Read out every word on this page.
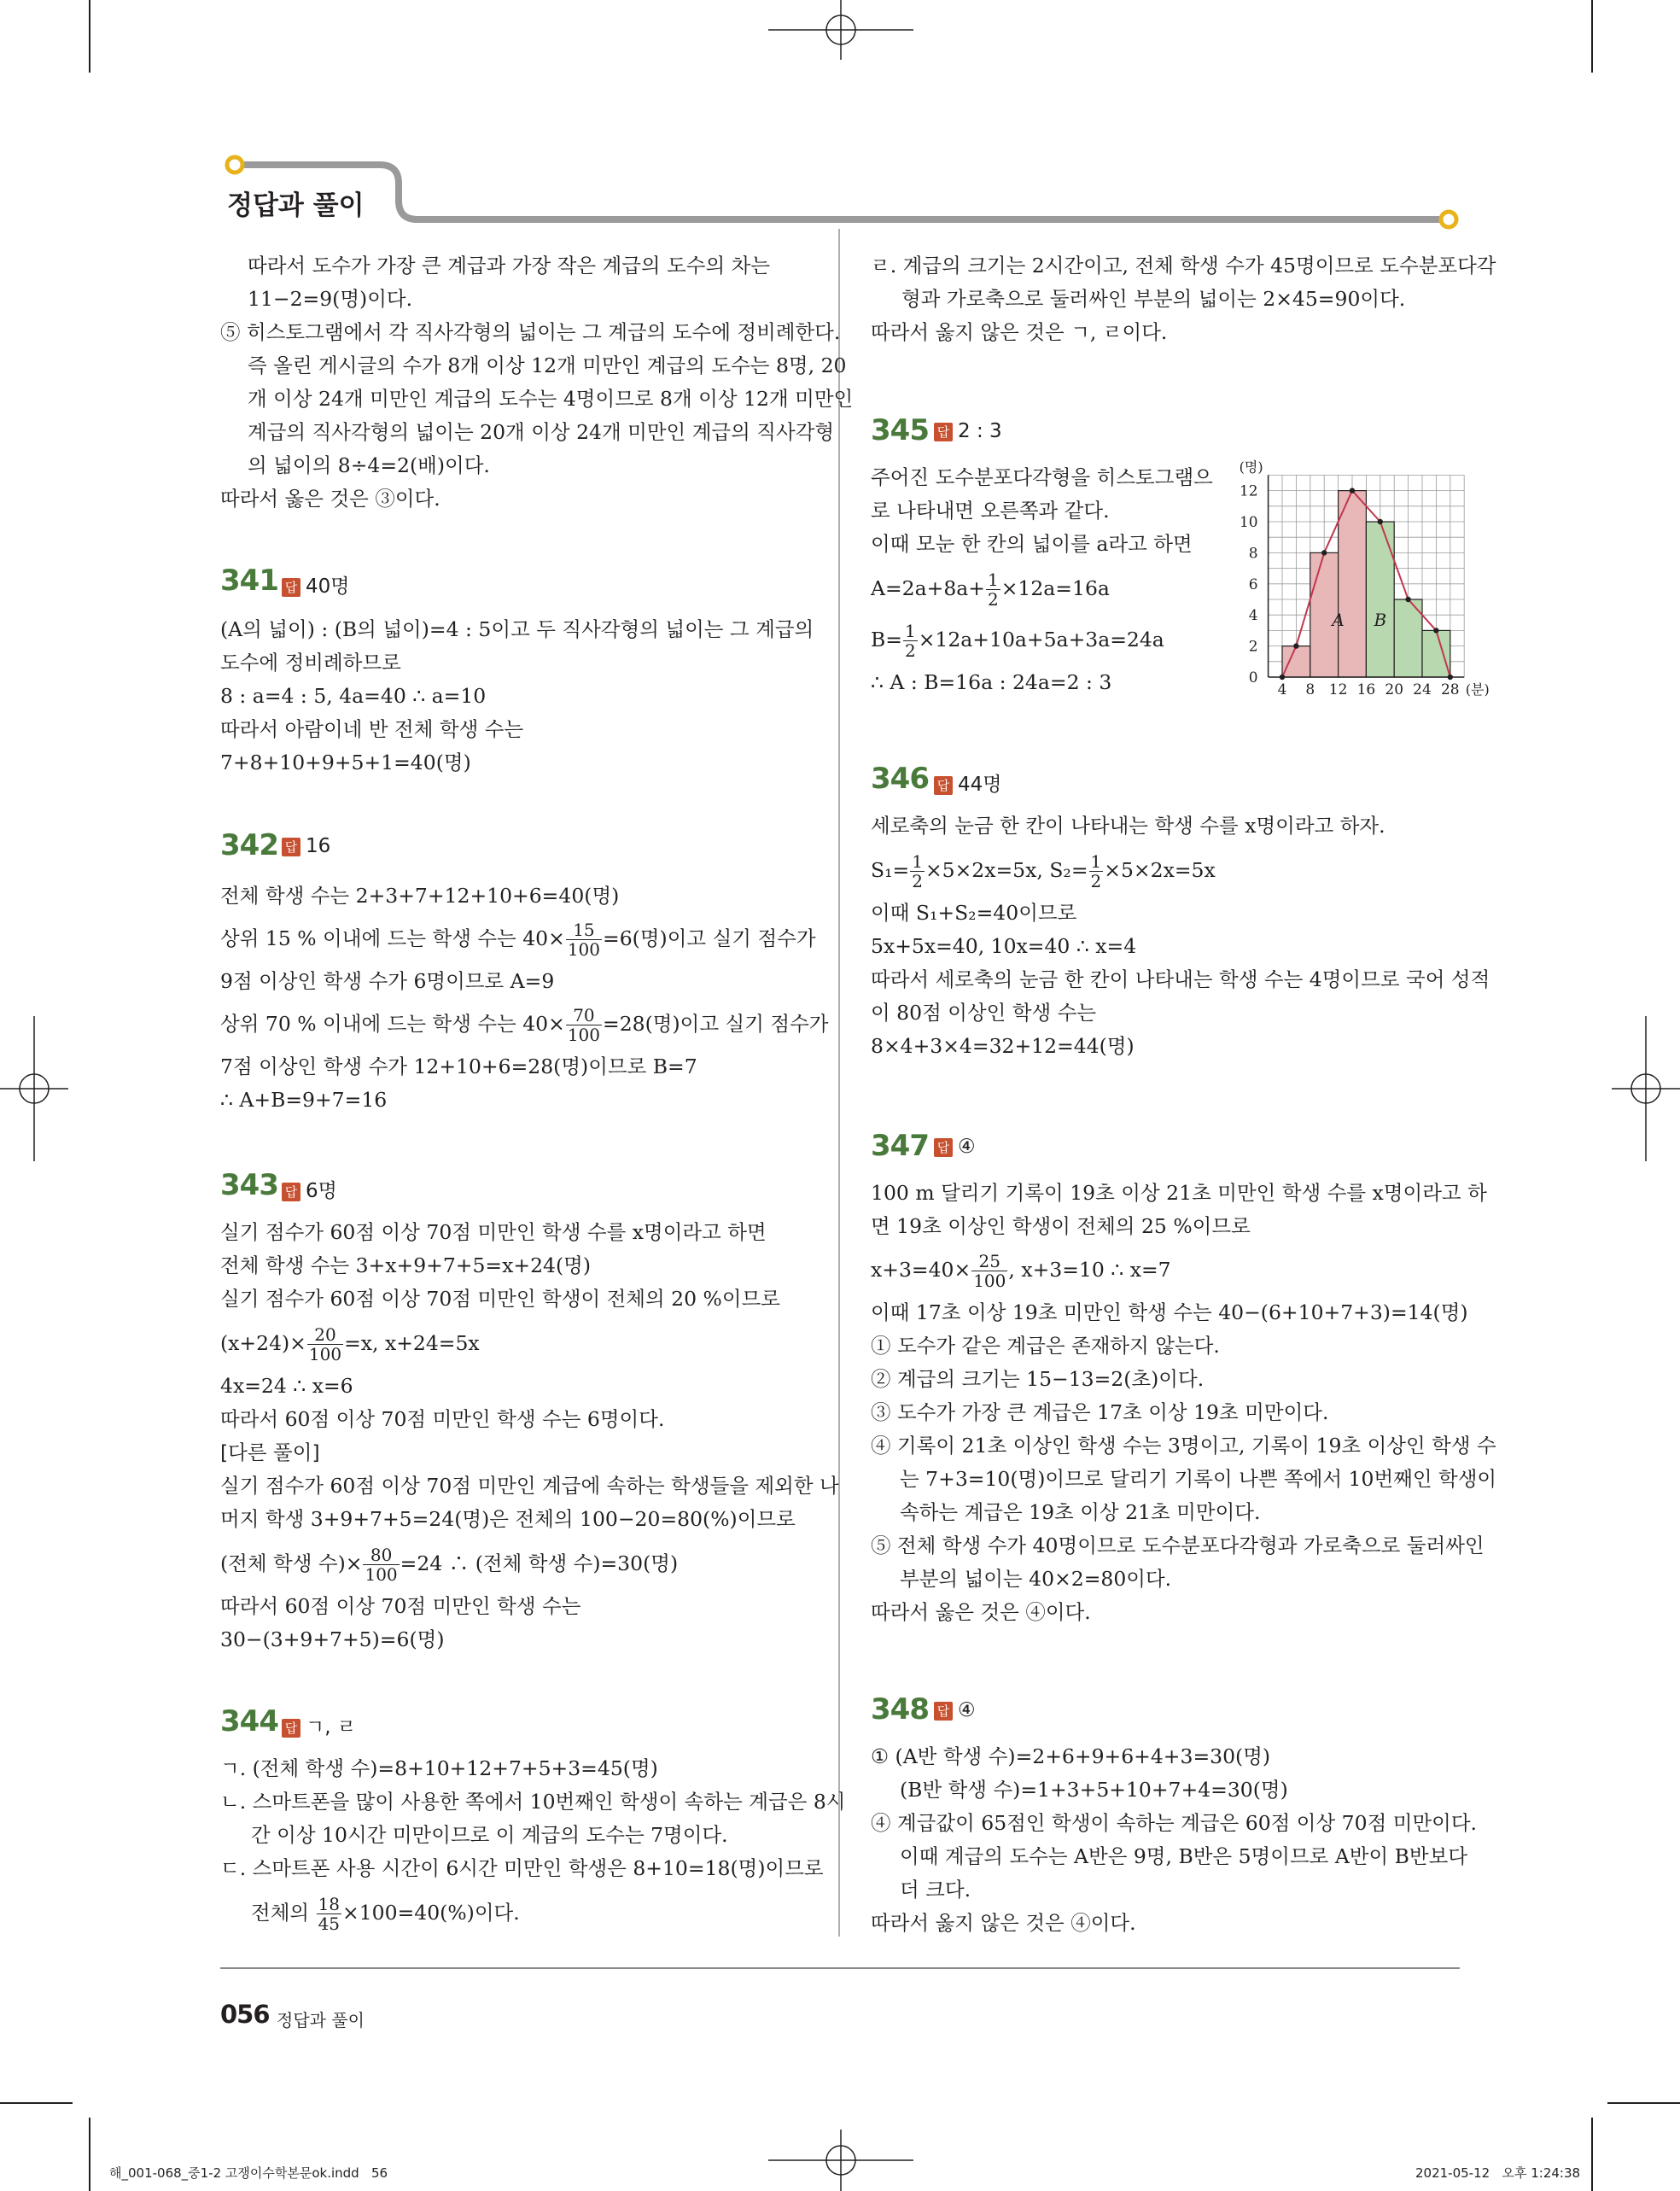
정답과 풀이
따라서 도수가 가장 큰 계급과 가장 작은 계급의 도수의 차는
11−2=9(명)이다.
⑤ 히스토그램에서 각 직사각형의 넓이는 그 계급의 도수에 정비례한다.
즉 올린 게시글의 수가 8개 이상 12개 미만인 계급의 도수는 8명, 20
개 이상 24개 미만인 계급의 도수는 4명이므로 8개 이상 12개 미만인
계급의 직사각형의 넓이는 20개 이상 24개 미만인 계급의 직사각형
의 넓이의 8÷4=2(배)이다.
따라서 옳은 것은 ③이다.
341 답 40명
(A의 넓이) : (B의 넓이)=4 : 5이고 두 직사각형의 넓이는 그 계급의
도수에 정비례하므로
8 : a=4 : 5, 4a=40 ∴ a=10
따라서 아람이네 반 전체 학생 수는
7+8+10+9+5+1=40(명)
342 답 16
전체 학생 수는 2+3+7+12+10+6=40(명)
상위 15 % 이내에 드는 학생 수는 $40\times \frac{15}{100} =6$(명)이고 실기 점수가
9점 이상인 학생 수가 6명이므로 A=9
상위 70 % 이내에 드는 학생 수는 $40\times \frac{70}{100} =28$(명)이고 실기 점수가
7점 이상인 학생 수가 12+10+6=28(명)이므로 B=7
∴ A+B=9+7=16
343 답 6명
실기 점수가 60점 이상 70점 미만인 학생 수를 x명이라고 하면
전체 학생 수는 3+x+9+7+5=x+24(명)
실기 점수가 60점 이상 70점 미만인 학생이 전체의 20 %이므로
$(x+24)\times \frac{20}{100} =x$, x+24=5x
4x=24 ∴ x=6
따라서 60점 이상 70점 미만인 학생 수는 6명이다.
[다른 풀이]
실기 점수가 60점 이상 70점 미만인 계급에 속하는 학생들을 제외한 나
머지 학생 3+9+7+5=24(명)은 전체의 100−20=80(%)이므로
(전체 학생 수)× $\frac{80}{100} =24$ ∴ (전체 학생 수)=30(명)
따라서 60점 이상 70점 미만인 학생 수는
30−(3+9+7+5)=6(명)
344 답 ㄱ, ㄹ
ㄱ. (전체 학생 수)=8+10+12+7+5+3=45(명)
ㄴ. 스마트폰을 많이 사용한 쪽에서 10번째인 학생이 속하는 계급은 8시
간 이상 10시간 미만이므로 이 계급의 도수는 7명이다.
ㄷ. 스마트폰 사용 시간이 6시간 미만인 학생은 8+10=18(명)이므로
전체의 $\frac{18}{45} \times 100=40(\%)$이다.
ㄹ. 계급의 크기는 2시간이고, 전체 학생 수가 45명이므로 도수분포다각
형과 가로축으로 둘러싸인 부분의 넓이는 2×45=90이다.
따라서 옳지 않은 것은 ㄱ, ㄹ이다.
345 답 2 : 3
주어진 도수분포다각형을 히스토그램으
로 나타내면 오른쪽과 같다.
이때 모눈 한 칸의 넓이를 a라고 하면
$A=2a+8a+ \frac{1}{2} \times 12a=16a$
$B= \frac{1}{2} \times 12a+10a+5a+3a=24a$
∴ A : B=16a : 24a=2 : 3	4 8 12 16 20 24 28 (분)
0
2
4
6
8
10
12
(명)
A B
346 답 44명
세로축의 눈금 한 칸이 나타내는 학생 수를 x명이라고 하자.
$S_1= \frac{1}{2} \times 5\times 2x=5x$, $S_2= \frac{1}{2} \times 5\times 2x=5x$
이때 S₁+S₂=40이므로
5x+5x=40, 10x=40 ∴ x=4
따라서 세로축의 눈금 한 칸이 나타내는 학생 수는 4명이므로 국어 성적
이 80점 이상인 학생 수는
8×4+3×4=32+12=44(명)
347 답 ④
100 m 달리기 기록이 19초 이상 21초 미만인 학생 수를 x명이라고 하
면 19초 이상인 학생이 전체의 25 %이므로
$x+3=40\times \frac{25}{100}$ , x+3=10 ∴ x=7
이때 17초 이상 19초 미만인 학생 수는 40−(6+10+7+3)=14(명)
① 도수가 같은 계급은 존재하지 않는다.
② 계급의 크기는 15−13=2(초)이다.
③ 도수가 가장 큰 계급은 17초 이상 19초 미만이다.
④ 기록이 21초 이상인 학생 수는 3명이고, 기록이 19초 이상인 학생 수
는 7+3=10(명)이므로 달리기 기록이 나쁜 쪽에서 10번째인 학생이
속하는 계급은 19초 이상 21초 미만이다.
⑤ 전체 학생 수가 40명이므로 도수분포다각형과 가로축으로 둘러싸인
부분의 넓이는 40×2=80이다.
따라서 옳은 것은 ④이다.
348 답 ④
① (A반 학생 수)=2+6+9+6+4+3=30(명)
(B반 학생 수)=1+3+5+10+7+4=30(명)
④ 계급값이 65점인 학생이 속하는 계급은 60점 이상 70점 미만이다.
이때 계급의 도수는 A반은 9명, B반은 5명이므로 A반이 B반보다
더 크다.
따라서 옳지 않은 것은 ④이다.
056 정답과 풀이
해_001-068_중1-2 고쟁이수학본문ok.indd   56	2021-05-12   오후 1:24:38
